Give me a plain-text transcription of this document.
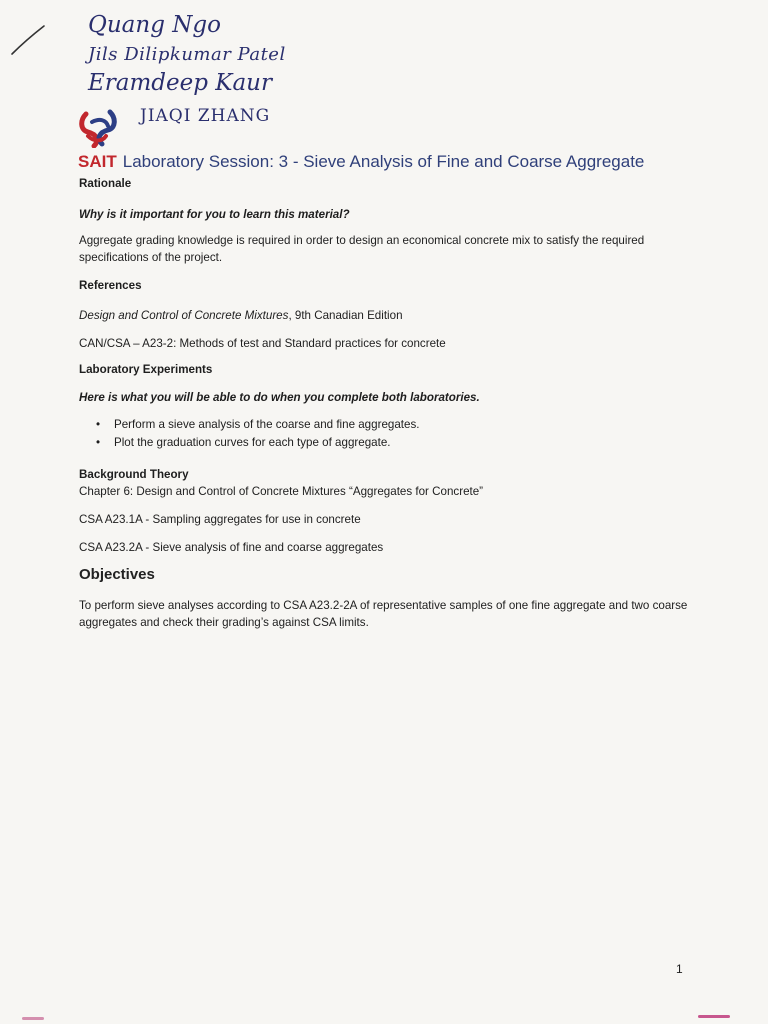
Quang Ngo
Jils Dilipkumar Patel
Eramdeep Kaur
JIAQI ZHANG
SAIT Laboratory Session: 3 - Sieve Analysis of Fine and Coarse Aggregate
Rationale
Why is it important for you to learn this material?
Aggregate grading knowledge is required in order to design an economical concrete mix to satisfy the required specifications of the project.
References
Design and Control of Concrete Mixtures, 9th Canadian Edition
CAN/CSA – A23-2: Methods of test and Standard practices for concrete
Laboratory Experiments
Here is what you will be able to do when you complete both laboratories.
• Perform a sieve analysis of the coarse and fine aggregates.
• Plot the graduation curves for each type of aggregate.
Background Theory
Chapter 6: Design and Control of Concrete Mixtures “Aggregates for Concrete”
CSA A23.1A - Sampling aggregates for use in concrete
CSA A23.2A - Sieve analysis of fine and coarse aggregates
Objectives
To perform sieve analyses according to CSA A23.2-2A of representative samples of one fine aggregate and two coarse aggregates and check their grading’s against CSA limits.
1
